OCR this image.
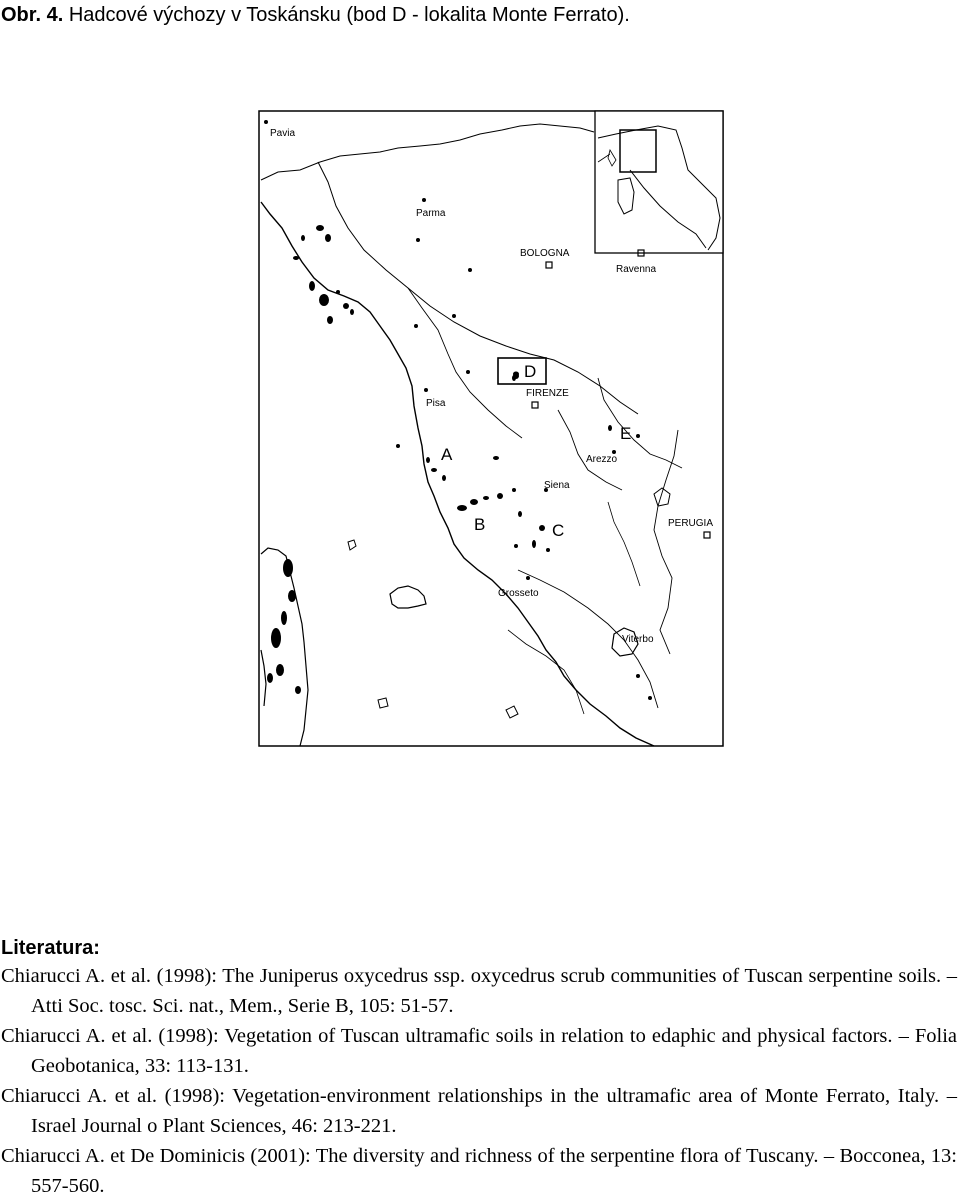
Obr. 4. Hadcové výchozy v Toskánsku (bod D - lokalita Monte Ferrato).
Pavia
Parma
BOLOGNA
Ravenna
FIRENZE
Pisa
Arezzo
Siena
PERUGIA
Grosseto
Viterbo
A
B	C
D
E
Literatura:

Chiarucci A. et al. (1998): The Juniperus oxycedrus ssp. oxycedrus scrub communities of Tuscan serpentine soils. – Atti Soc. tosc. Sci. nat., Mem., Serie B, 105: 51-57.

Chiarucci A. et al. (1998): Vegetation of Tuscan ultramafic soils in relation to edaphic and physical factors. – Folia Geobotanica, 33: 113-131.

Chiarucci A. et al. (1998): Vegetation-environment relationships in the ultramafic area of Monte Ferrato, Italy. – Israel Journal o Plant Sciences, 46: 213-221.

Chiarucci A. et De Dominicis (2001): The diversity and richness of the serpentine flora of Tuscany. – Bocconea, 13: 557-560.
